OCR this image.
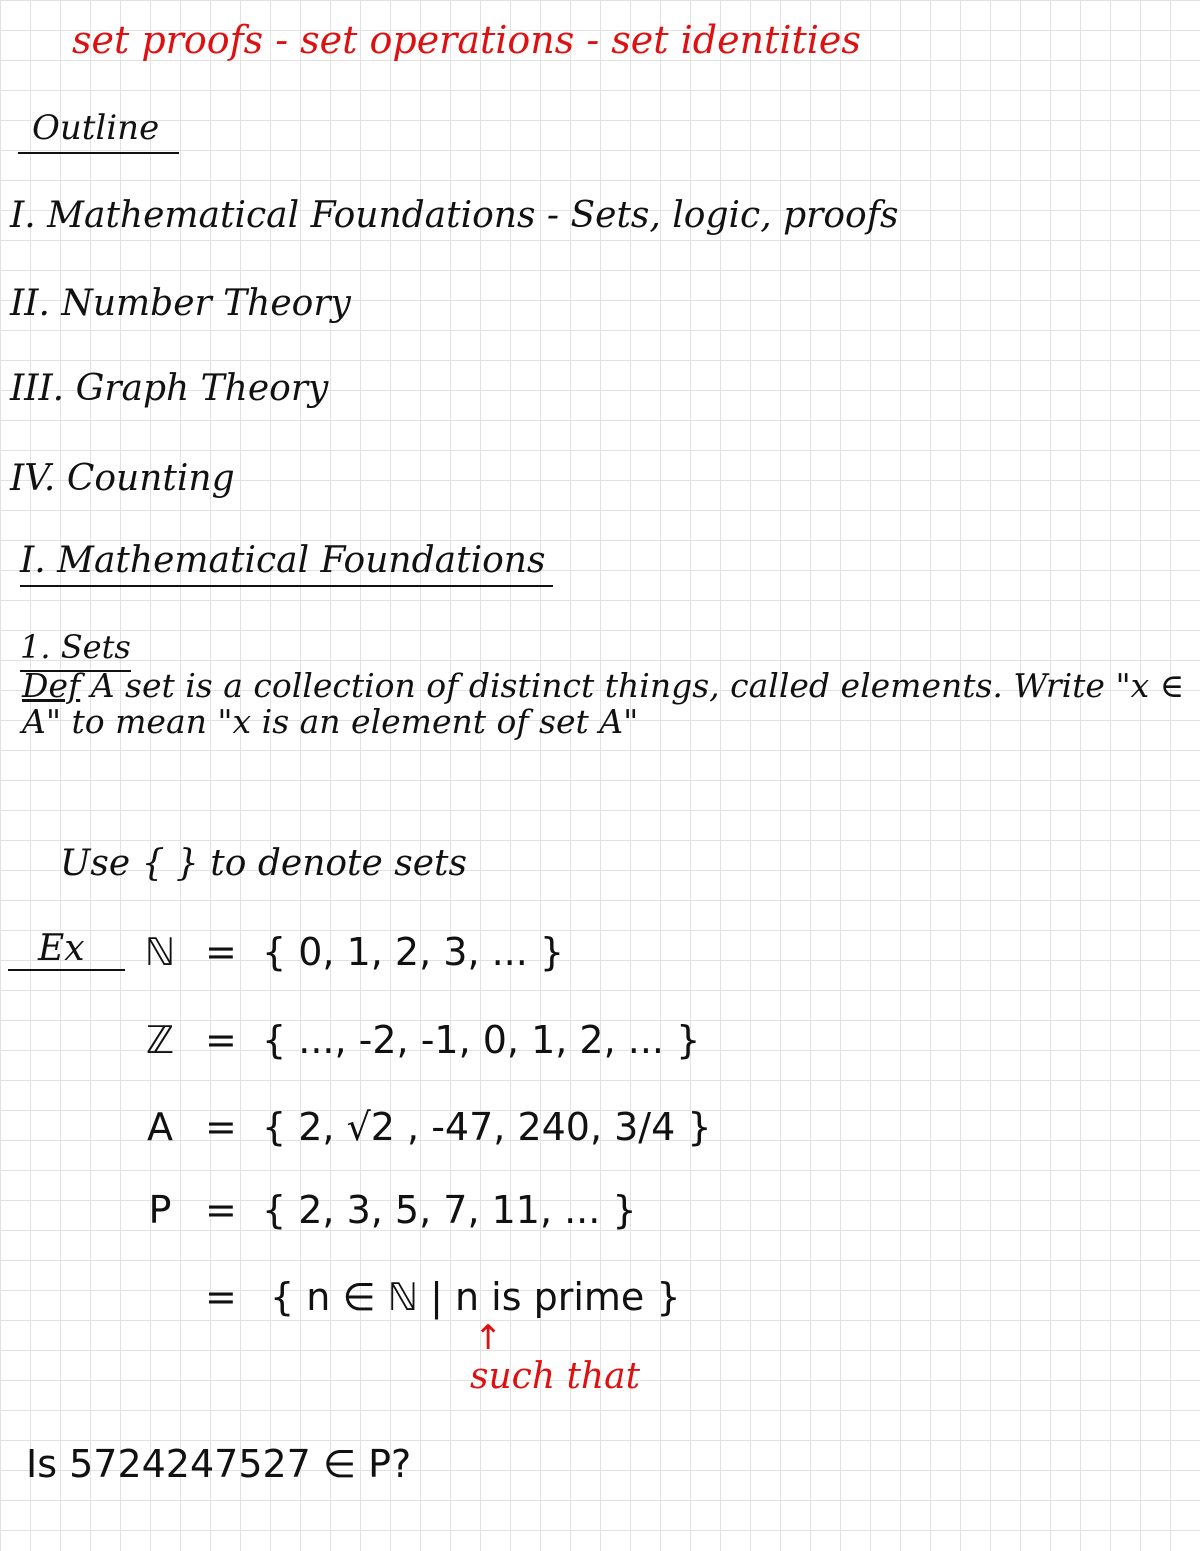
set proofs - set operations - set identities
Outline
I. Mathematical Foundations - Sets, logic, proofs
II. Number Theory
III. Graph Theory
IV. Counting
I. Mathematical Foundations
1. Sets
Def A set is a collection of distinct things, called elements. Write "x ∈ A" to mean "x is an element of set A"
Use { } to denote sets
Ex	ℕ = { 0, 1, 2, 3, ... }
ℤ = { ..., -2, -1, 0, 1, 2, ... }
A = { 2, √2 , -47, 240, 3/4 }
P = { 2, 3, 5, 7, 11, ... }
= { n ∈ ℕ | n is prime }
↑
such that
Is 5724247527 ∈ P?
